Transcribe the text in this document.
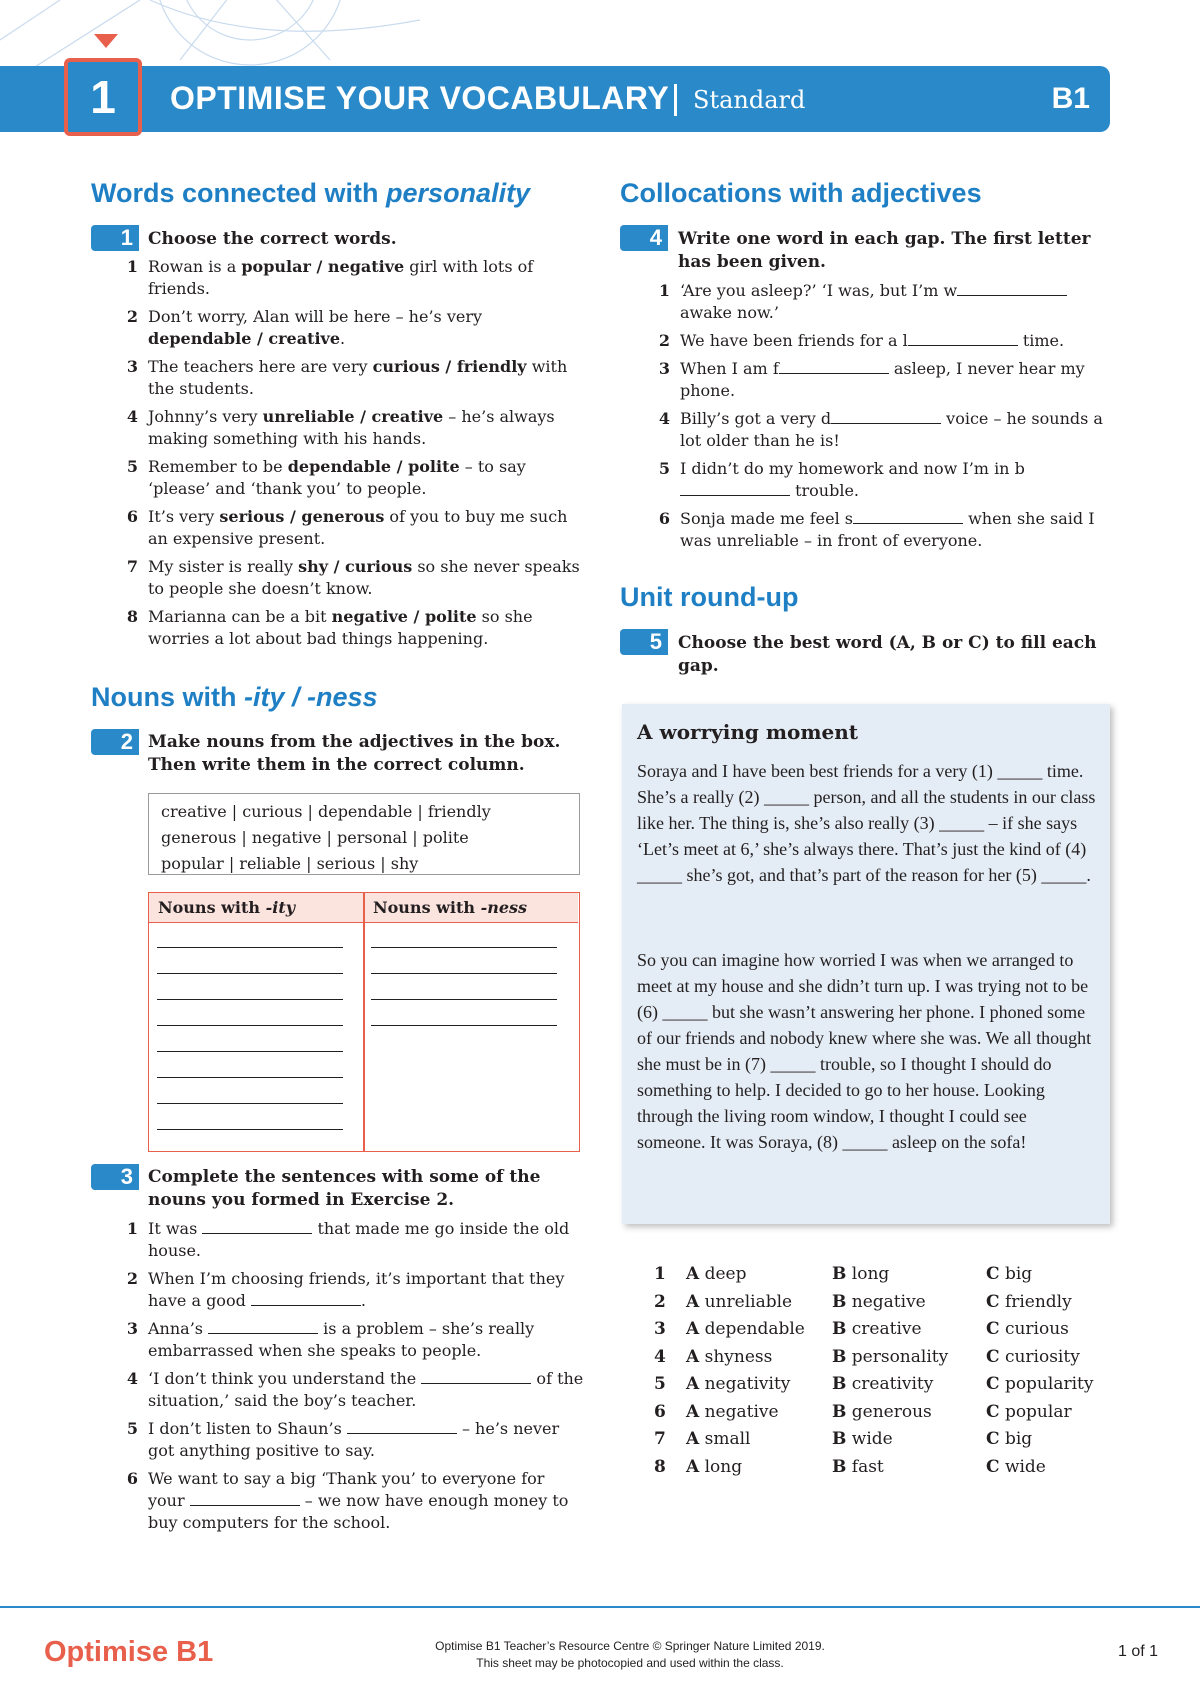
1	OPTIMISE YOUR VOCABULARY Standard	B1
Words connected with personality
1 Choose the correct words.
1 Rowan is a popular / negative girl with lots of friends.
2 Don’t worry, Alan will be here – he’s very dependable / creative.
3 The teachers here are very curious / friendly with the students.
4 Johnny’s very unreliable / creative – he’s always making something with his hands.
5 Remember to be dependable / polite – to say ‘please’ and ‘thank you’ to people.
6 It’s very serious / generous of you to buy me such an expensive present.
7 My sister is really shy / curious so she never speaks to people she doesn’t know.
8 Marianna can be a bit negative / polite so she worries a lot about bad things happening.
Nouns with -ity / -ness
2 Make nouns from the adjectives in the box. Then write them in the correct column.
creative | curious | dependable | friendly
generous | negative | personal | polite
popular | reliable | serious | shy
Nouns with -ity	Nouns with -ness
3 Complete the sentences with some of the nouns you formed in Exercise 2.
1 It was	that made me go inside the old house.
2 When I’m choosing friends, it’s important that they have a good	.
3 Anna’s	is a problem – she’s really embarrassed when she speaks to people.
4 ‘I don’t think you understand the	of the situation,’ said the boy’s teacher.
5 I don’t listen to Shaun’s	– he’s never got anything positive to say.
6 We want to say a big ‘Thank you’ to everyone for your	– we now have enough money to buy computers for the school.
Collocations with adjectives
4 Write one word in each gap. The first letter has been given.
1 ‘Are you asleep?’ ‘I was, but I’m w awake now.’
2 We have been friends for a l	time.
3 When I am f	asleep, I never hear my phone.
4 Billy’s got a very d	voice – he sounds a lot older than he is!
5 I didn’t do my homework and now I’m in b trouble.
6 Sonja made me feel s	when she said I was unreliable – in front of everyone.
Unit round-up
5 Choose the best word (A, B or C) to fill each gap.
A worrying moment

Soraya and I have been best friends for a very (1) _____ time. She’s a really (2) _____ person, and all the students in our class like her. The thing is, she’s also really (3) _____ – if she says ‘Let’s meet at 6,’ she’s always there. That’s just the kind of (4) _____ she’s got, and that’s part of the reason for her (5) _____.

So you can imagine how worried I was when we arranged to meet at my house and she didn’t turn up. I was trying not to be (6) _____ but she wasn’t answering her phone. I phoned some of our friends and nobody knew where she was. We all thought she must be in (7) _____ trouble, so I thought I should do something to help. I decided to go to her house. Looking through the living room window, I thought I could see someone. It was Soraya, (8) _____ asleep on the sofa!

1 A deep	B long	C big
2 A unreliable B negative	C friendly
3 A dependable B creative	C curious
4 A shyness	B personality C curiosity
5 A negativity B creativity	C popularity
6 A negative	B generous	C popular
7 A small	B wide	C big
8 A long	B fast	C wide
Optimise B1	Optimise B1 Teacher’s Resource Centre © Springer Nature Limited 2019.
This sheet may be photocopied and used within the class.
1 of 1
